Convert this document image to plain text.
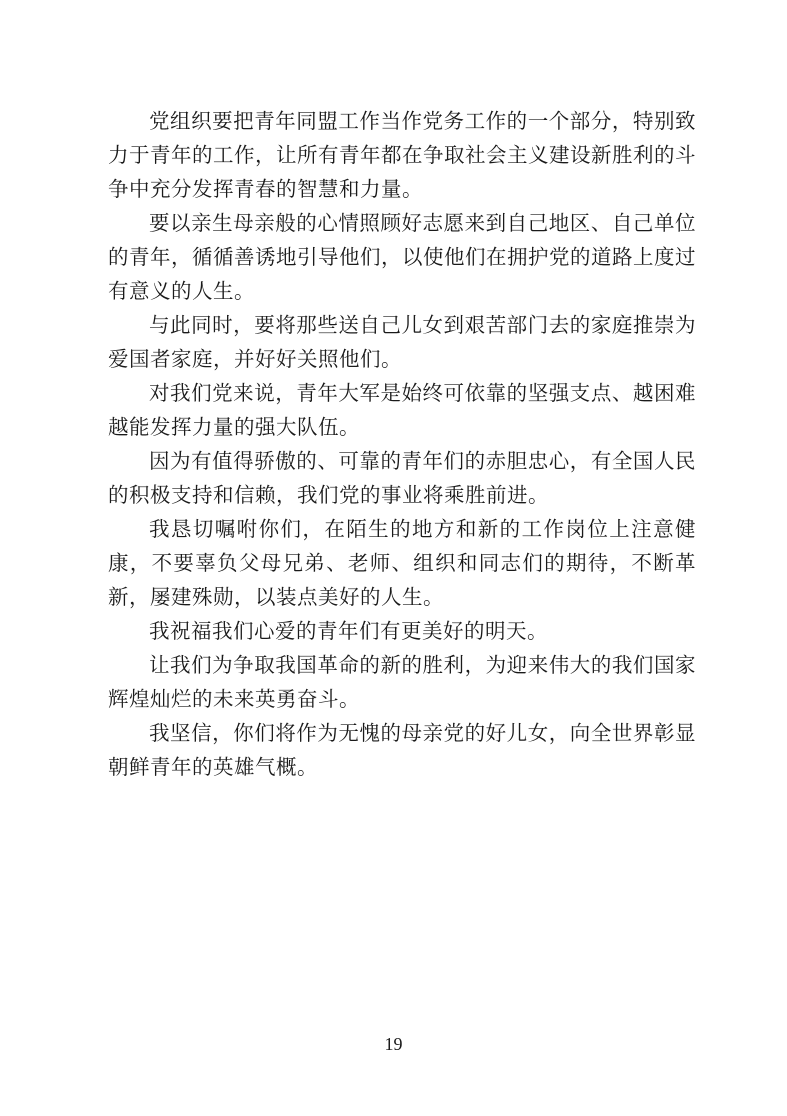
党组织要把青年同盟工作当作党务工作的一个部分，特别致力于青年的工作，让所有青年都在争取社会主义建设新胜利的斗争中充分发挥青春的智慧和力量。

要以亲生母亲般的心情照顾好志愿来到自己地区、自己单位的青年，循循善诱地引导他们，以使他们在拥护党的道路上度过有意义的人生。

与此同时，要将那些送自己儿女到艰苦部门去的家庭推崇为爱国者家庭，并好好关照他们。

对我们党来说，青年大军是始终可依靠的坚强支点、越困难越能发挥力量的强大队伍。

因为有值得骄傲的、可靠的青年们的赤胆忠心，有全国人民的积极支持和信赖，我们党的事业将乘胜前进。

我恳切嘱咐你们，在陌生的地方和新的工作岗位上注意健康，不要辜负父母兄弟、老师、组织和同志们的期待，不断革新，屡建殊勋，以装点美好的人生。

我祝福我们心爱的青年们有更美好的明天。

让我们为争取我国革命的新的胜利，为迎来伟大的我们国家辉煌灿烂的未来英勇奋斗。

我坚信，你们将作为无愧的母亲党的好儿女，向全世界彰显朝鲜青年的英雄气概。

19
